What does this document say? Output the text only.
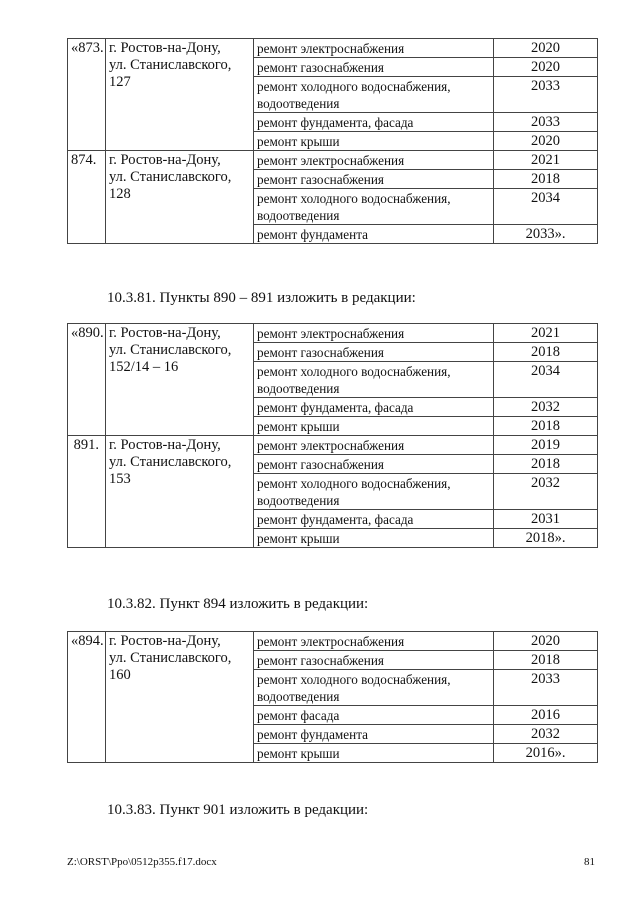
«873.	г. Ростов-на-Дону,
ул. Станиславского,
127	ремонт электроснабжения	2020
		ремонт газоснабжения	2020
		ремонт холодного водоснабжения, водоотведения	2033
		ремонт фундамента, фасада	2033
		ремонт крыши	2020
874.	г. Ростов-на-Дону,
ул. Станиславского,
128	ремонт электроснабжения	2021
		ремонт газоснабжения	2018
		ремонт холодного водоснабжения, водоотведения	2034
		ремонт фундамента	2033».
10.3.81. Пункты 890 – 891 изложить в редакции:
«890.	г. Ростов-на-Дону,
ул. Станиславского,
152/14 – 16	ремонт электроснабжения	2021
		ремонт газоснабжения	2018
		ремонт холодного водоснабжения, водоотведения	2034
		ремонт фундамента, фасада	2032
		ремонт крыши	2018
891.	г. Ростов-на-Дону,
ул. Станиславского,
153	ремонт электроснабжения	2019
		ремонт газоснабжения	2018
		ремонт холодного водоснабжения, водоотведения	2032
		ремонт фундамента, фасада	2031
		ремонт крыши	2018».
10.3.82. Пункт 894 изложить в редакции:
«894.	г. Ростов-на-Дону,
ул. Станиславского,
160	ремонт электроснабжения	2020
		ремонт газоснабжения	2018
		ремонт холодного водоснабжения, водоотведения	2033
		ремонт фасада	2016
		ремонт фундамента	2032
		ремонт крыши	2016».
10.3.83. Пункт 901 изложить в редакции:
Z:\ORST\Ppo\0512p355.f17.docx	81
